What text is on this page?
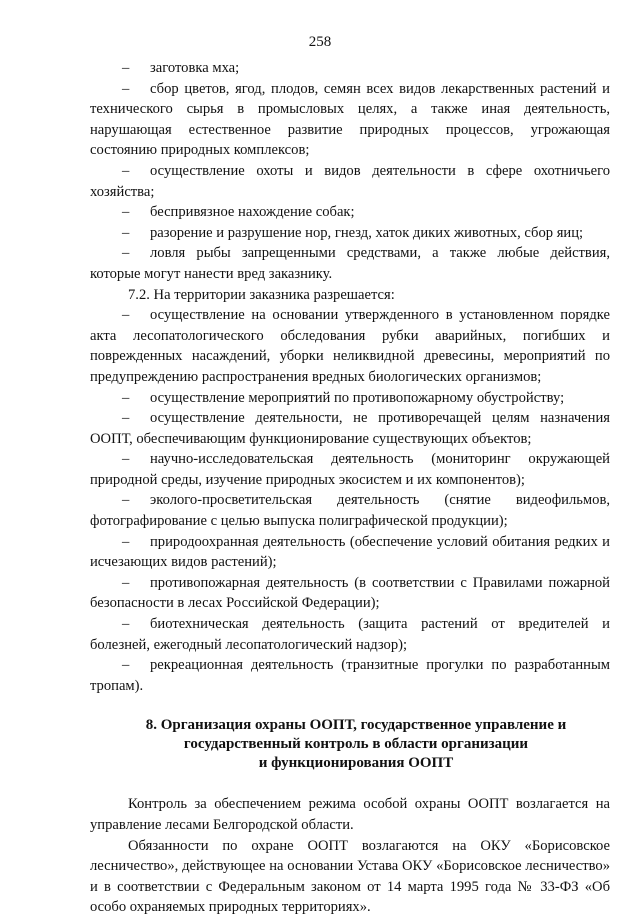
258

– заготовка мха;

– сбор цветов, ягод, плодов, семян всех видов лекарственных растений и технического сырья в промысловых целях, а также иная деятельность, нарушающая естественное развитие природных процессов, угрожающая состоянию природных комплексов;

– осуществление охоты и видов деятельности в сфере охотничьего хозяйства;

– беспривязное нахождение собак;

– разорение и разрушение нор, гнезд, хаток диких животных, сбор яиц;

– ловля рыбы запрещенными средствами, а также любые действия, которые могут нанести вред заказнику.

7.2. На территории заказника разрешается:

– осуществление на основании утвержденного в установленном порядке акта лесопатологического обследования рубки аварийных, погибших и поврежденных насаждений, уборки неликвидной древесины, мероприятий по предупреждению распространения вредных биологических организмов;

– осуществление мероприятий по противопожарному обустройству;

– осуществление деятельности, не противоречащей целям назначения ООПТ, обеспечивающим функционирование существующих объектов;

– научно-исследовательская деятельность (мониторинг окружающей природной среды, изучение природных экосистем и их компонентов);

– эколого-просветительская деятельность (снятие видеофильмов, фотографирование с целью выпуска полиграфической продукции);

– природоохранная деятельность (обеспечение условий обитания редких и исчезающих видов растений);

– противопожарная деятельность (в соответствии с Правилами пожарной безопасности в лесах Российской Федерации);

– биотехническая деятельность (защита растений от вредителей и болезней, ежегодный лесопатологический надзор);

– рекреационная деятельность (транзитные прогулки по разработанным тропам).

8. Организация охраны ООПТ, государственное управление и
государственный контроль в области организации
и функционирования ООПТ

Контроль за обеспечением режима особой охраны ООПТ возлагается на управление лесами Белгородской области.

Обязанности по охране ООПТ возлагаются на ОКУ «Борисовское лесничество», действующее на основании Устава ОКУ «Борисовское лесничество» и в соответствии с Федеральным законом от 14 марта 1995 года № 33-ФЗ «Об особо охраняемых природных территориях».
